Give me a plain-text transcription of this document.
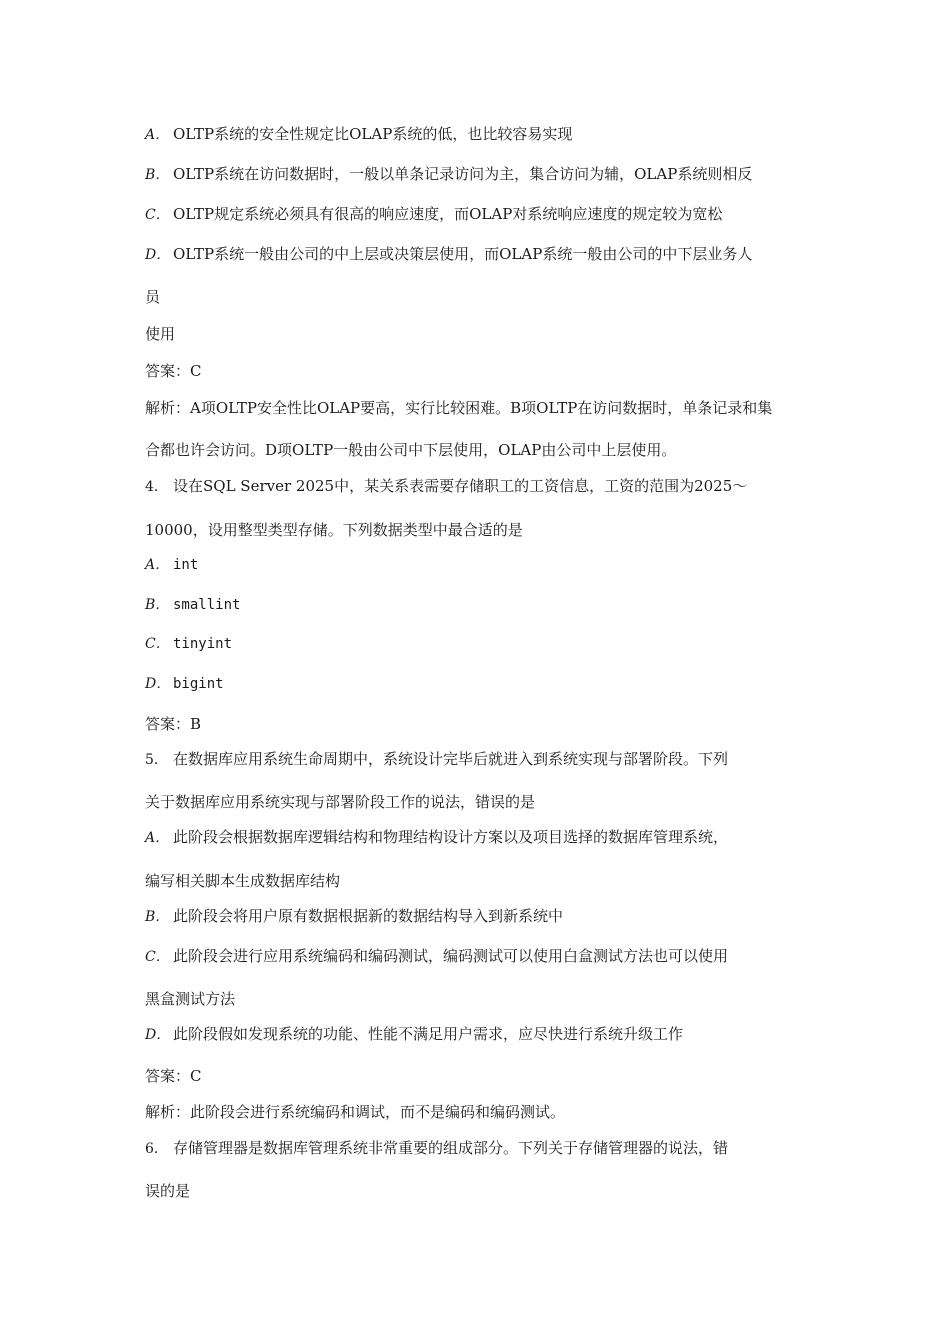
A． OLTP系统的安全性规定比OLAP系统的低，也比较容易实现
B． OLTP系统在访问数据时，一般以单条记录访问为主，集合访问为辅，OLAP系统则相反
C． OLTP规定系统必须具有很高的响应速度，而OLAP对系统响应速度的规定较为宽松
D． OLTP系统一般由公司的中上层或决策层使用，而OLAP系统一般由公司的中下层业务人
员
使用
答案：C
解析：A项OLTP安全性比OLAP要高，实行比较困难。B项OLTP在访问数据时，单条记录和集
合都也许会访问。D项OLTP一般由公司中下层使用，OLAP由公司中上层使用。
4． 设在SQL Server 2025中，某关系表需要存储职工的工资信息，工资的范围为2025～
10000，设用整型类型存储。下列数据类型中最合适的是
A． int
B． smallint
C． tinyint
D． bigint
答案：B
5． 在数据库应用系统生命周期中，系统设计完毕后就进入到系统实现与部署阶段。下列
关于数据库应用系统实现与部署阶段工作的说法，错误的是
A． 此阶段会根据数据库逻辑结构和物理结构设计方案以及项目选择的数据库管理系统，
编写相关脚本生成数据库结构
B． 此阶段会将用户原有数据根据新的数据结构导入到新系统中
C． 此阶段会进行应用系统编码和编码测试，编码测试可以使用白盒测试方法也可以使用
黑盒测试方法
D． 此阶段假如发现系统的功能、性能不满足用户需求，应尽快进行系统升级工作
答案：C
解析：此阶段会进行系统编码和调试，而不是编码和编码测试。
6． 存储管理器是数据库管理系统非常重要的组成部分。下列关于存储管理器的说法，错
误的是
